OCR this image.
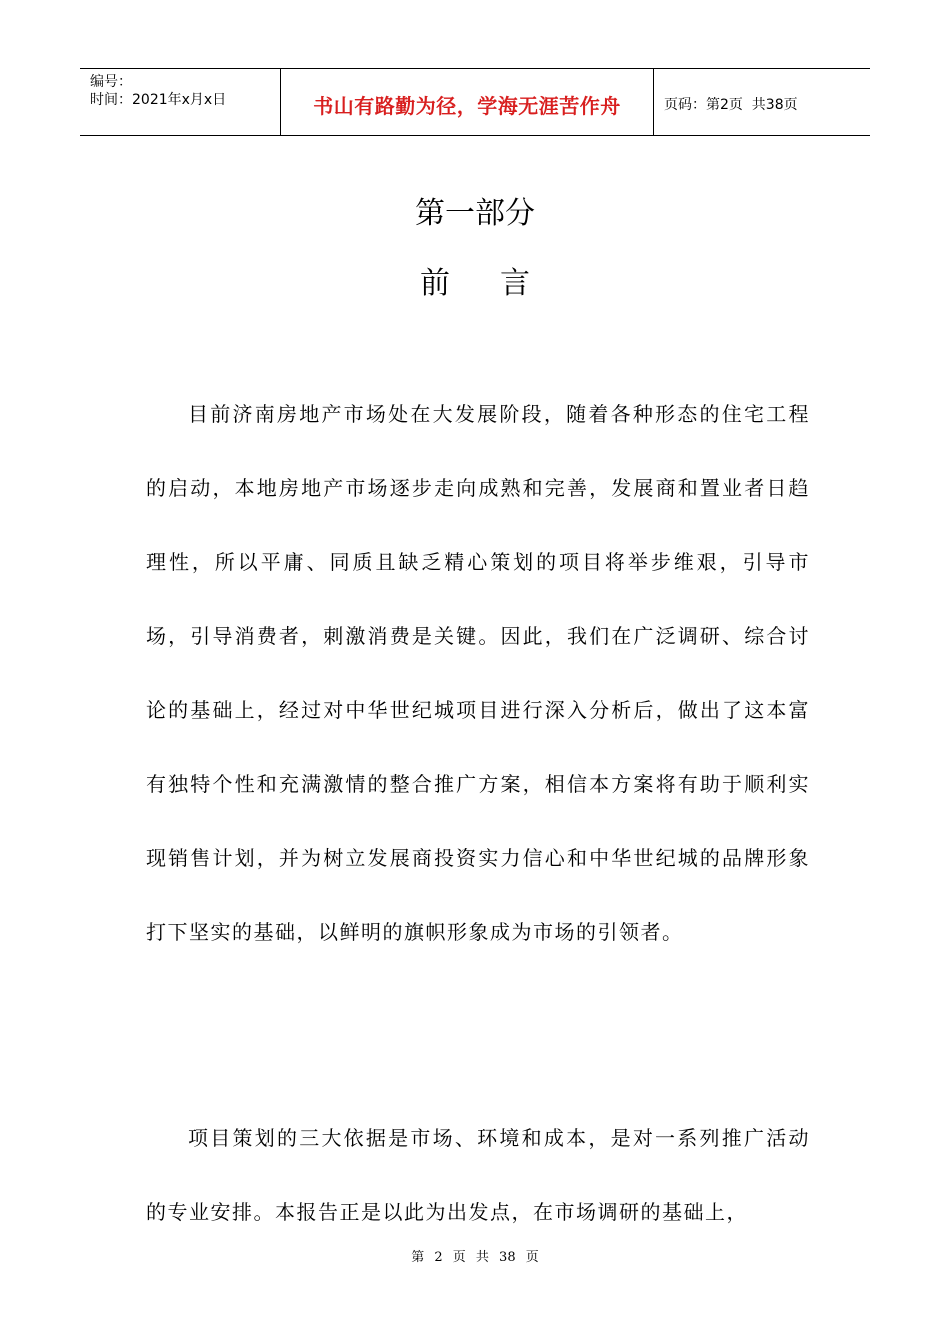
编号：
时间：2021年x月x日	书山有路勤为径，学海无涯苦作舟	页码：第2页  共38页
第一部分
前言

目前济南房地产市场处在大发展阶段，随着各种形态的住宅工程的启动，本地房地产市场逐步走向成熟和完善，发展商和置业者日趋理性，所以平庸、同质且缺乏精心策划的项目将举步维艰，引导市场，引导消费者，刺激消费是关键。因此，我们在广泛调研、综合讨论的基础上，经过对中华世纪城项目进行深入分析后，做出了这本富有独特个性和充满激情的整合推广方案，相信本方案将有助于顺利实现销售计划，并为树立发展商投资实力信心和中华世纪城的品牌形象打下坚实的基础，以鲜明的旗帜形象成为市场的引领者。

项目策划的三大依据是市场、环境和成本，是对一系列推广活动的专业安排。本报告正是以此为出发点，在市场调研的基础上，

第 2 页 共 38 页
